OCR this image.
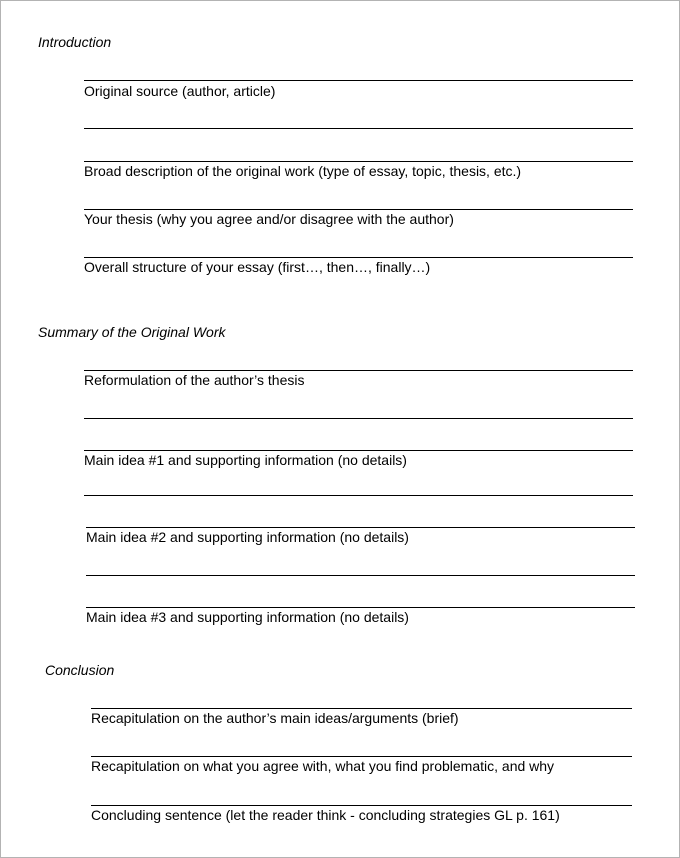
Introduction
Original source (author, article)
Broad description of the original work (type of essay, topic, thesis, etc.)
Your thesis (why you agree and/or disagree with the author)
Overall structure of your essay (first…, then…, finally…)
Summary of the Original Work
Reformulation of the author’s thesis
Main idea #1 and supporting information (no details)
Main idea #2 and supporting information (no details)
Main idea #3 and supporting information (no details)
Conclusion
Recapitulation on the author’s main ideas/arguments (brief)
Recapitulation on what you agree with, what you find problematic, and why
Concluding sentence (let the reader think - concluding strategies GL p. 161)
